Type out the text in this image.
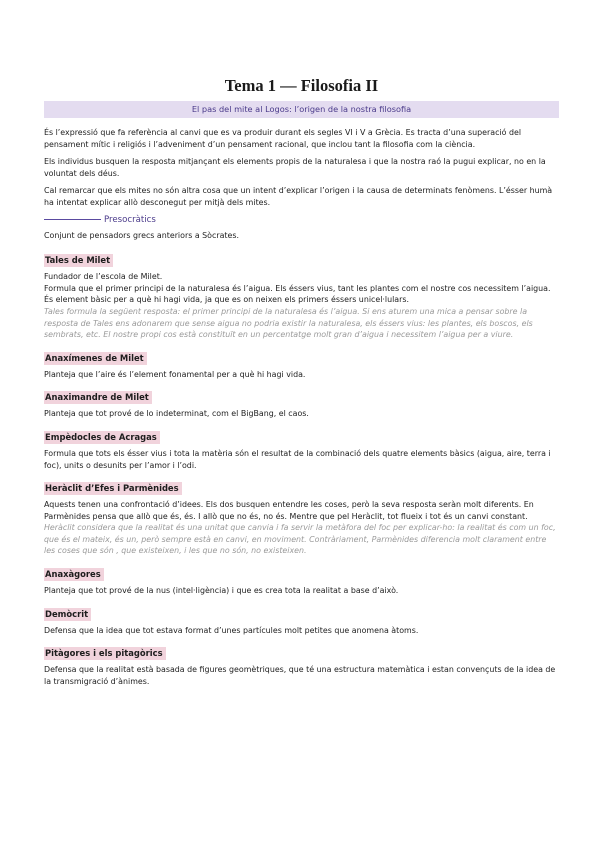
Tema 1 — Filosofia II
El pas del mite al Logos: l’origen de la nostra filosofia

És l’expressió que fa referència al canvi que es va produir durant els segles VI i V a Grècia. Es tracta d’una superació del pensament mític i religiós i l’adveniment d’un pensament racional, que inclou tant la filosofia com la ciència.

Els individus busquen la resposta mitjançant els elements propis de la naturalesa i que la nostra raó la pugui explicar, no en la voluntat dels déus.

Cal remarcar que els mites no són altra cosa que un intent d’explicar l’origen i la causa de determinats fenòmens. L’ésser humà ha intentat explicar allò desconegut per mitjà dels mites.

Presocràtics

Conjunt de pensadors grecs anteriors a Sòcrates.

Tales de Milet

Fundador de l’escola de Milet.

Formula que el primer principi de la naturalesa és l’aigua. Els éssers vius, tant les plantes com el nostre cos necessitem l’aigua. És element bàsic per a què hi hagi vida, ja que es on neixen els primers éssers unicel·lulars.

Tales formula la següent resposta: el primer principi de la naturalesa és l’aigua. Si ens aturem una mica a pensar sobre la resposta de Tales ens adonarem que sense aigua no podria existir la naturalesa, els éssers vius: les plantes, els boscos, els sembrats, etc. El nostre propi cos està constituït en un percentatge molt gran d’aigua i necessitem l’aigua per a viure.

Anaxímenes de Milet

Planteja que l’aire és l’element fonamental per a què hi hagi vida.

Anaximandre de Milet

Planteja que tot prové de lo indeterminat, com el BigBang, el caos.

Empèdocles de Acragas

Formula que tots els ésser vius i tota la matèria són el resultat de la combinació dels quatre elements bàsics (aigua, aire, terra i foc), units o desunits per l’amor i l’odi.

Heràclit d’Efes i Parmènides

Aquests tenen una confrontació d’idees. Els dos busquen entendre les coses, però la seva resposta seràn molt diferents. En Parmènides pensa que allò que és, és. I allò que no és, no és. Mentre que pel Heràclit, tot flueix i tot és un canvi constant.

Heràclit considera que la realitat és una unitat que canvia i fa servir la metàfora del foc per explicar-ho: la realitat és com un foc, que és el mateix, és un, però sempre està en canvi, en moviment. Contràriament, Parmènides diferencia molt clarament entre les coses que són , que existeixen, i les que no són, no existeixen.

Anaxàgores

Planteja que tot prové de la nus (intel·ligència) i que es crea tota la realitat a base d’això.

Demòcrit

Defensa que la idea que tot estava format d’unes partícules molt petites que anomena àtoms.

Pitàgores i els pitagòrics

Defensa que la realitat està basada de figures geomètriques, que té una estructura matemàtica i estan convençuts de la idea de la transmigració d’ànimes.
